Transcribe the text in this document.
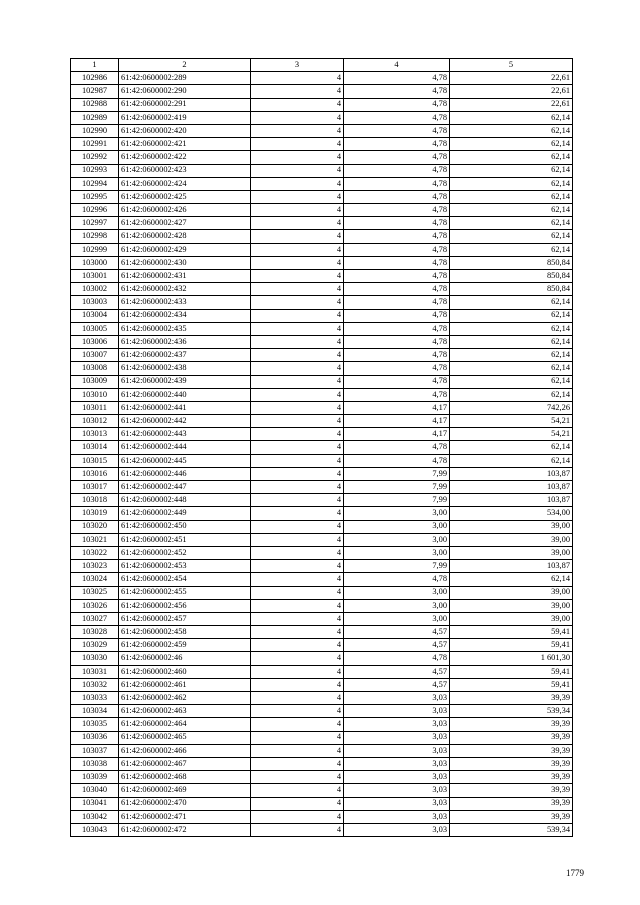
1	2	3	4	5
102986	61:42:0600002:289	4	4,78	22,61
102987	61:42:0600002:290	4	4,78	22,61
102988	61:42:0600002:291	4	4,78	22,61
102989	61:42:0600002:419	4	4,78	62,14
102990	61:42:0600002:420	4	4,78	62,14
102991	61:42:0600002:421	4	4,78	62,14
102992	61:42:0600002:422	4	4,78	62,14
102993	61:42:0600002:423	4	4,78	62,14
102994	61:42:0600002:424	4	4,78	62,14
102995	61:42:0600002:425	4	4,78	62,14
102996	61:42:0600002:426	4	4,78	62,14
102997	61:42:0600002:427	4	4,78	62,14
102998	61:42:0600002:428	4	4,78	62,14
102999	61:42:0600002:429	4	4,78	62,14
103000	61:42:0600002:430	4	4,78	850,84
103001	61:42:0600002:431	4	4,78	850,84
103002	61:42:0600002:432	4	4,78	850,84
103003	61:42:0600002:433	4	4,78	62,14
103004	61:42:0600002:434	4	4,78	62,14
103005	61:42:0600002:435	4	4,78	62,14
103006	61:42:0600002:436	4	4,78	62,14
103007	61:42:0600002:437	4	4,78	62,14
103008	61:42:0600002:438	4	4,78	62,14
103009	61:42:0600002:439	4	4,78	62,14
103010	61:42:0600002:440	4	4,78	62,14
103011	61:42:0600002:441	4	4,17	742,26
103012	61:42:0600002:442	4	4,17	54,21
103013	61:42:0600002:443	4	4,17	54,21
103014	61:42:0600002:444	4	4,78	62,14
103015	61:42:0600002:445	4	4,78	62,14
103016	61:42:0600002:446	4	7,99	103,87
103017	61:42:0600002:447	4	7,99	103,87
103018	61:42:0600002:448	4	7,99	103,87
103019	61:42:0600002:449	4	3,00	534,00
103020	61:42:0600002:450	4	3,00	39,00
103021	61:42:0600002:451	4	3,00	39,00
103022	61:42:0600002:452	4	3,00	39,00
103023	61:42:0600002:453	4	7,99	103,87
103024	61:42:0600002:454	4	4,78	62,14
103025	61:42:0600002:455	4	3,00	39,00
103026	61:42:0600002:456	4	3,00	39,00
103027	61:42:0600002:457	4	3,00	39,00
103028	61:42:0600002:458	4	4,57	59,41
103029	61:42:0600002:459	4	4,57	59,41
103030	61:42:0600002:46	4	4,78	1 601,30
103031	61:42:0600002:460	4	4,57	59,41
103032	61:42:0600002:461	4	4,57	59,41
103033	61:42:0600002:462	4	3,03	39,39
103034	61:42:0600002:463	4	3,03	539,34
103035	61:42:0600002:464	4	3,03	39,39
103036	61:42:0600002:465	4	3,03	39,39
103037	61:42:0600002:466	4	3,03	39,39
103038	61:42:0600002:467	4	3,03	39,39
103039	61:42:0600002:468	4	3,03	39,39
103040	61:42:0600002:469	4	3,03	39,39
103041	61:42:0600002:470	4	3,03	39,39
103042	61:42:0600002:471	4	3,03	39,39
103043	61:42:0600002:472	4	3,03	539,34
1779
